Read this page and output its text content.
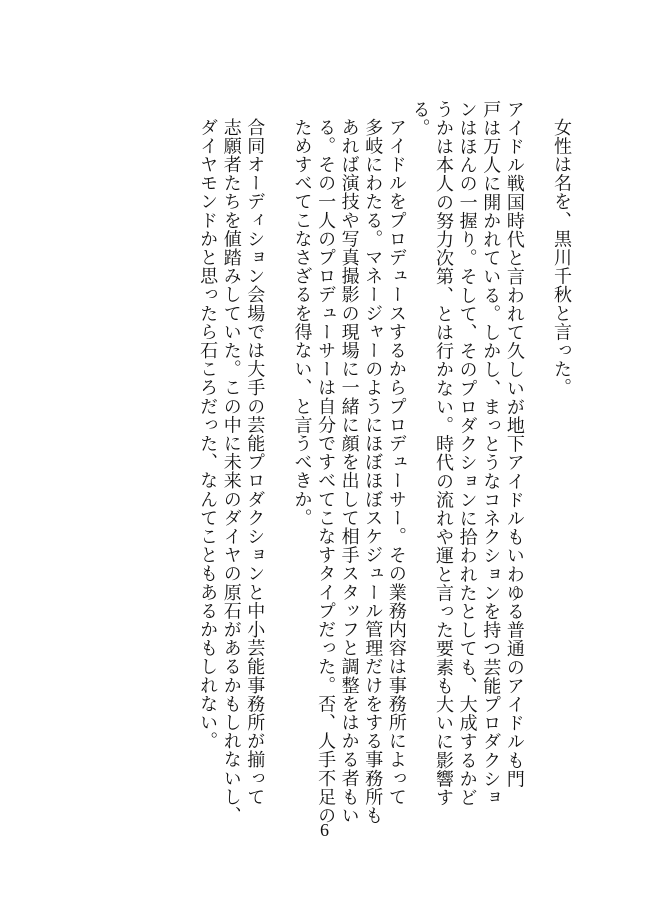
女性は名を、黒川千秋と言った。

アイドル戦国時代と言われて久しいが地下アイドルもいわゆる普通のアイドルも門
戸は万人に開かれている。しかし、まっとうなコネクションを持つ芸能プロダクショ
ンはほんの一握り。そして、そのプロダクションに拾われたとしても、大成するかど
うかは本人の努力次第、とは行かない。時代の流れや運と言った要素も大いに影響す
る。

アイドルをプロデュースするからプロデューサー。その業務内容は事務所によって
多岐にわたる。マネージャーのようにほぼほぼスケジュール管理だけをする事務所も
あれば演技や写真撮影の現場に一緒に顔を出して相手スタッフと調整をはかる者もい
る。その一人のプロデューサーは自分ですべてこなすタイプだった。否、人手不足の
ためすべてこなさざるを得ない、と言うべきか。

合同オーディション会場では大手の芸能プロダクションと中小芸能事務所が揃って
志願者たちを値踏みしていた。この中に未来のダイヤの原石があるかもしれないし、
ダイヤモンドかと思ったら石ころだった、なんてこともあるかもしれない。

6
